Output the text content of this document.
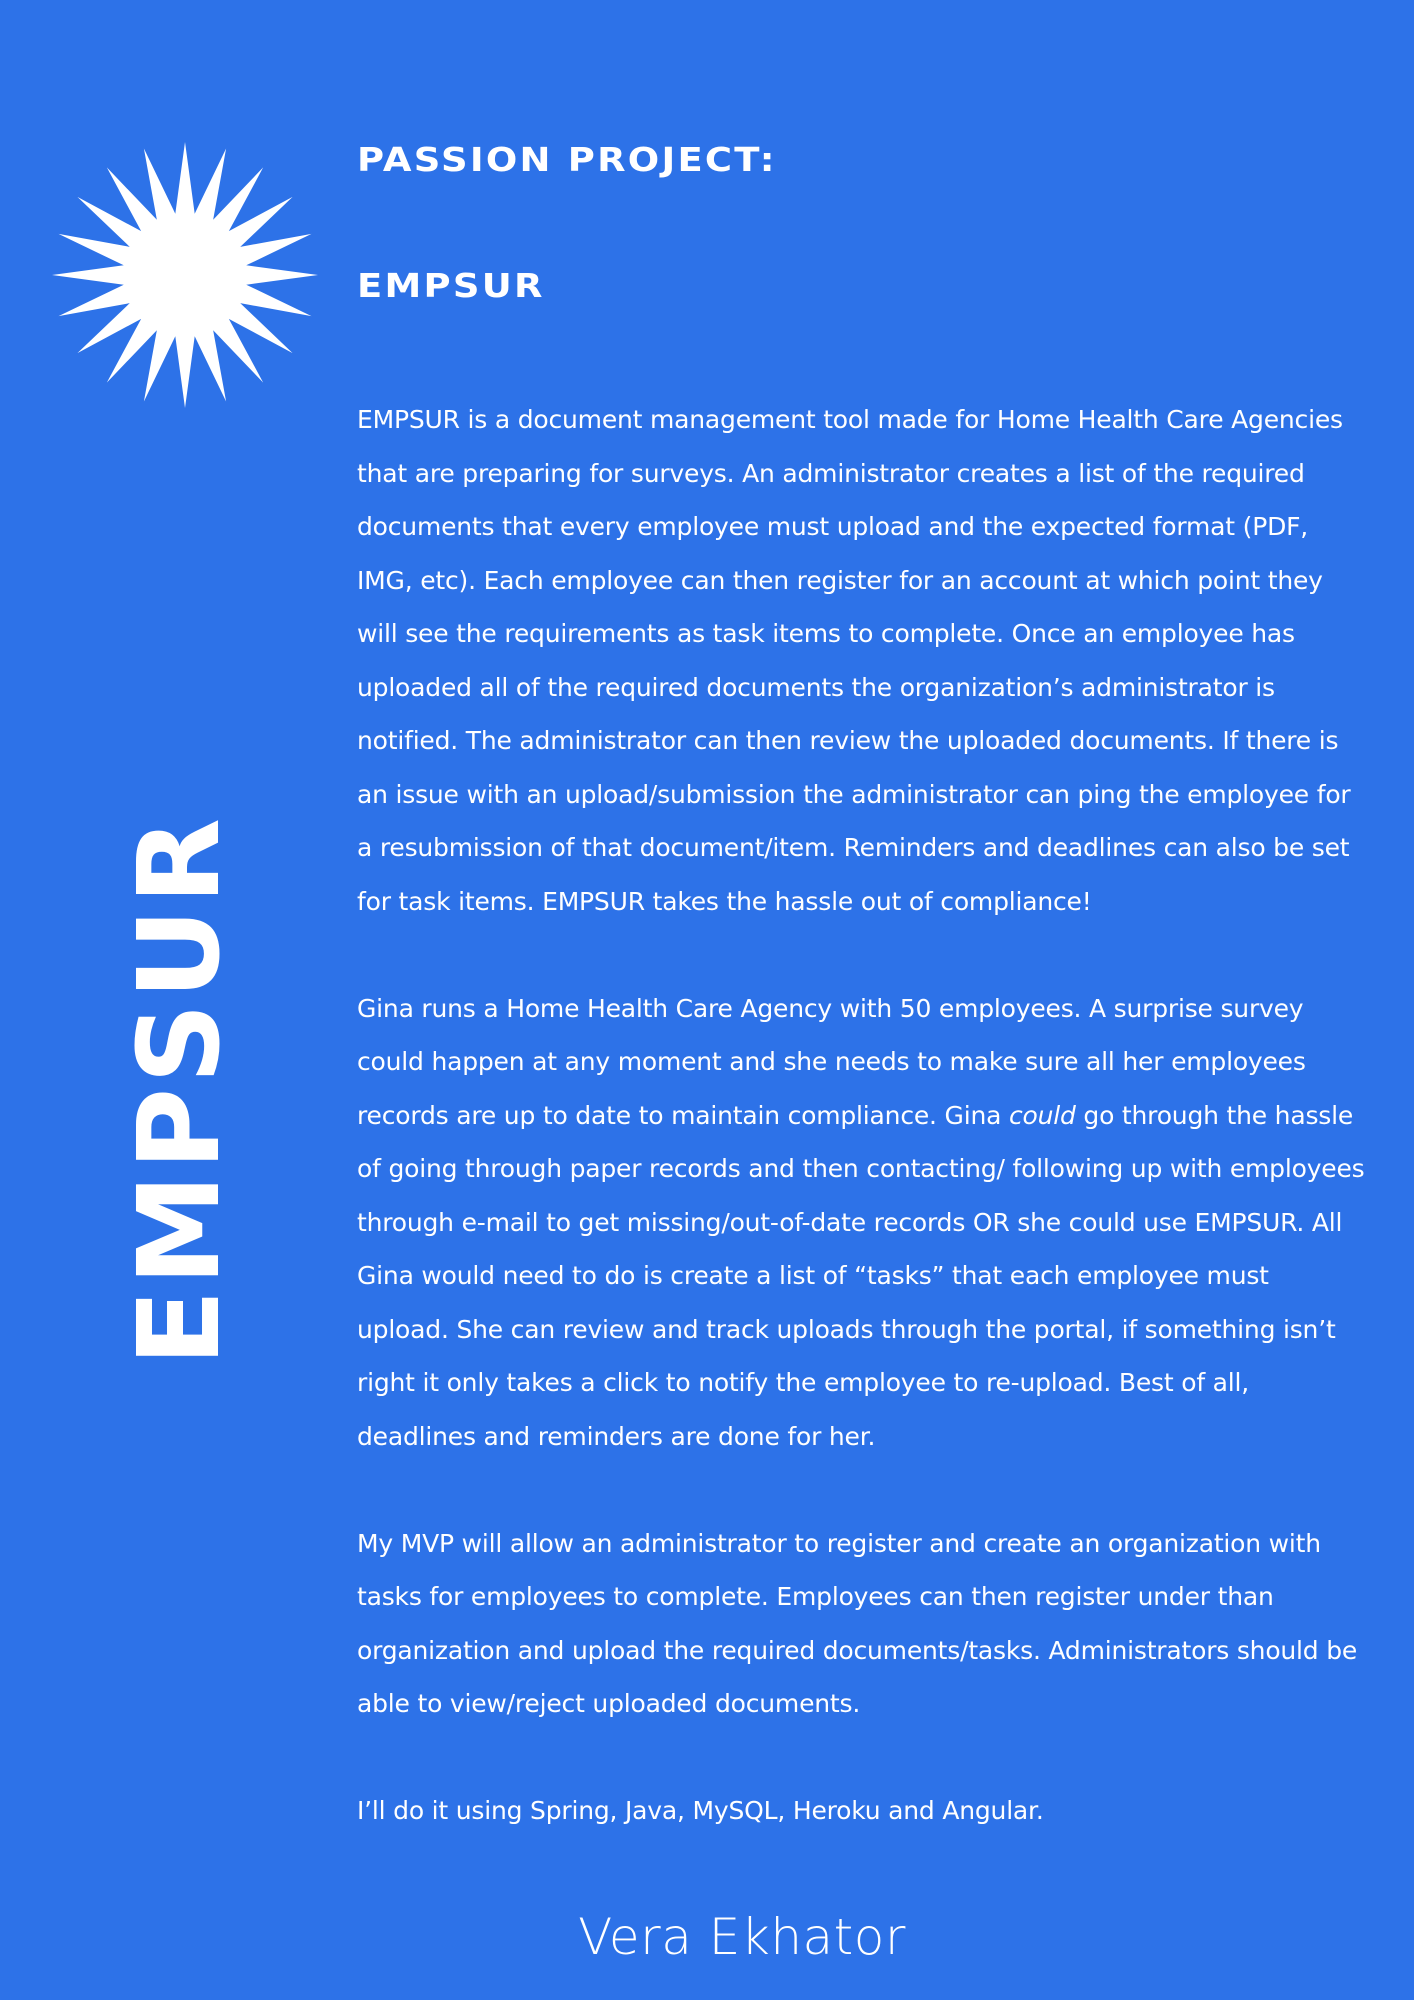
EMPSUR
PASSION PROJECT:
EMPSUR

EMPSUR is a document management tool made for Home Health Care Agencies that are preparing for surveys. An administrator creates a list of the required documents that every employee must upload and the expected format (PDF, IMG, etc). Each employee can then register for an account at which point they will see the requirements as task items to complete. Once an employee has uploaded all of the required documents the organization’s administrator is notified. The administrator can then review the uploaded documents. If there is an issue with an upload/submission the administrator can ping the employee for a resubmission of that document/item. Reminders and deadlines can also be set for task items. EMPSUR takes the hassle out of compliance!

Gina runs a Home Health Care Agency with 50 employees. A surprise survey could happen at any moment and she needs to make sure all her employees records are up to date to maintain compliance. Gina could go through the hassle of going through paper records and then contacting/ following up with employees through e-mail to get missing/out-of-date records OR she could use EMPSUR. All Gina would need to do is create a list of “tasks” that each employee must upload. She can review and track uploads through the portal, if something isn’t right it only takes a click to notify the employee to re-upload. Best of all, deadlines and reminders are done for her.

My MVP will allow an administrator to register and create an organization with tasks for employees to complete. Employees can then register under than organization and upload the required documents/tasks. Administrators should be able to view/reject uploaded documents.

I’ll do it using Spring, Java, MySQL, Heroku and Angular.

Vera Ekhator
